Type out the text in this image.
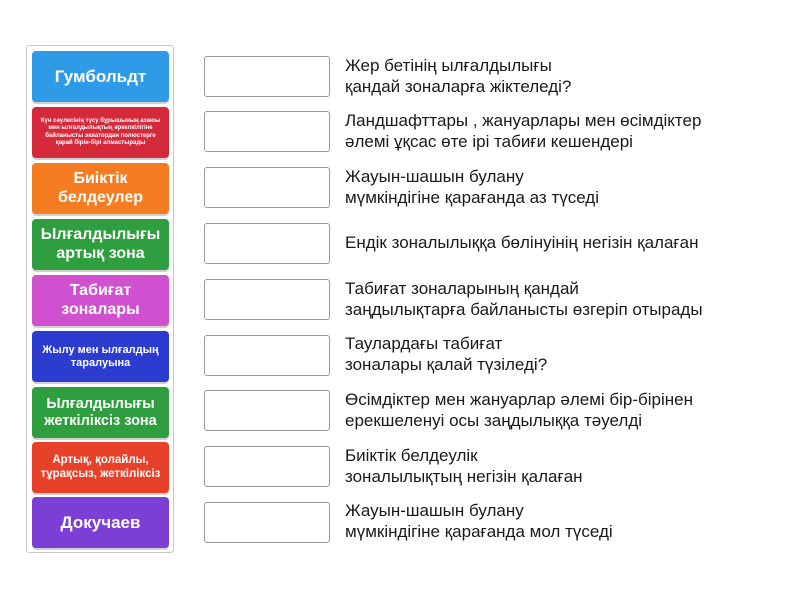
Гумбольдт
Күн сәулесінің түсу бұрышының азаюы мен ылғалдылықтың әркелкілігіне байланысты экватордан полюстерге қарай бірін-бірі алмастырады
Биіктік белдеулер
Ылғалдылығы артық зона
Табиғат зоналары
Жылу мен ылғалдың таралуына
Ылғалдылығы жеткіліксіз зона
Артық, қолайлы, тұрақсыз, жеткіліксіз
Докучаев
Жер бетінің ылғалдылығы
қандай зоналарға жіктеледі?
Ландшафттары , жануарлары мен өсімдіктер
әлемі ұқсас өте ірі табиғи кешендері
Жауын-шашын булану
мүмкіндігіне қарағанда аз түседі
Ендік зоналылыққа бөлінуінің негізін қалаған
Табиғат зоналарының қандай
заңдылықтарға байланысты өзгеріп отырады
Таулардағы табиғат
зоналары қалай түзіледі?
Өсімдіктер мен жануарлар әлемі бір-бірінен
ерекшеленуі осы заңдылыққа тәуелді
Биіктік белдеулік
зоналылықтың негізін қалаған
Жауын-шашын булану
мүмкіндігіне қарағанда мол түседі
